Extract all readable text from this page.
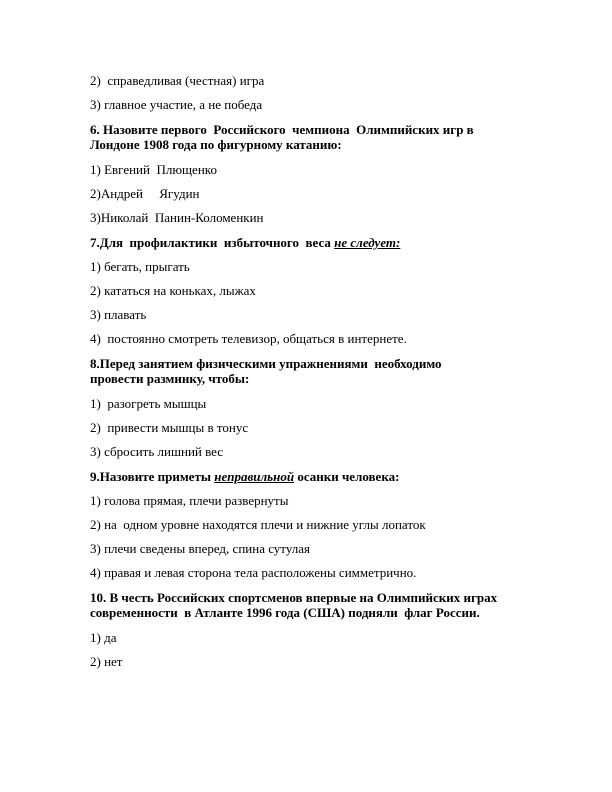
2)  справедливая (честная) игра
3) главное участие, а не победа
6. Назовите первого  Российского  чемпиона  Олимпийских игр в
Лондоне 1908 года по фигурному катанию:
1) Евгений  Плющенко
2)Андрей     Ягудин
3)Николай  Панин-Коломенкин
7.Для  профилактики  избыточного  веса не следует:
1) бегать, прыгать
2) кататься на коньках, лыжах
3) плавать
4)  постоянно смотреть телевизор, общаться в интернете.
8.Перед занятием физическими упражнениями  необходимо
провести разминку, чтобы:
1)  разогреть мышцы
2)  привести мышцы в тонус
3) сбросить лишний вес
9.Назовите приметы неправильной осанки человека:
1) голова прямая, плечи развернуты
2) на  одном уровне находятся плечи и нижние углы лопаток
3) плечи сведены вперед, спина сутулая
4) правая и левая сторона тела расположены симметрично.
10. В честь Российских спортсменов впервые на Олимпийских играх
современности  в Атланте 1996 года (США) подняли  флаг России.
1) да
2) нет
